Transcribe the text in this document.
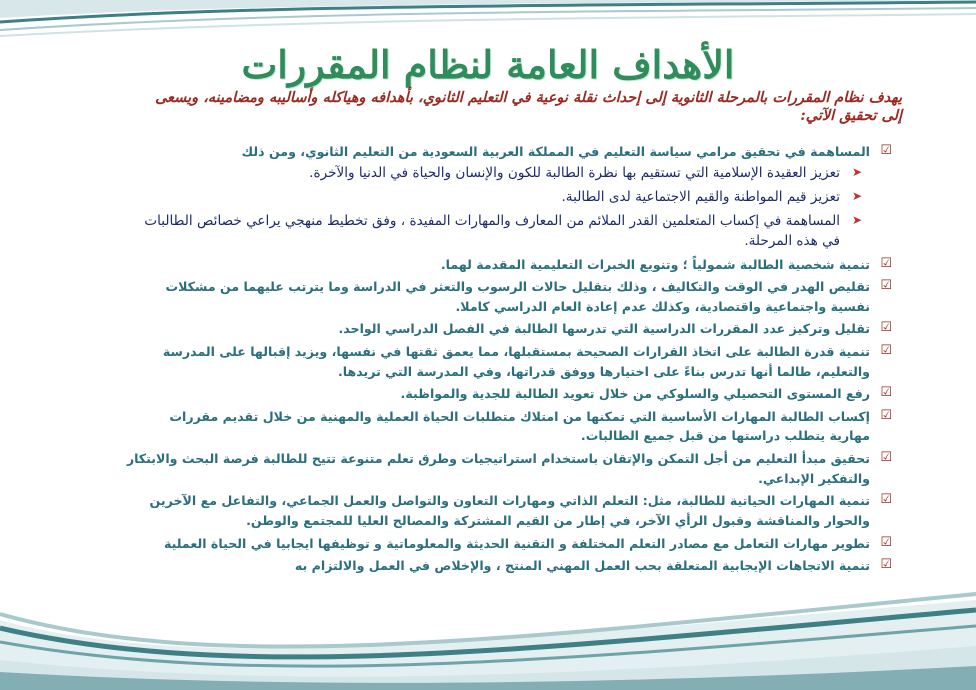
الأهداف العامة لنظام المقررات
يهدف نظام المقررات بالمرحلة الثانوية إلى إحداث نقلة نوعية في التعليم الثانوي، بأهدافه وهياكله وأساليبه ومضامينه، ويسعى إلى تحقيق الآتي:
☑
المساهمة في تحقيق مرامي سياسة التعليم في المملكة العربية السعودية من التعليم الثانوي، ومن ذلك
➤
تعزيز العقيدة الإسلامية التي تستقيم بها نظرة الطالبة للكون والإنسان والحياة في الدنيا والآخرة.
➤
تعزيز قيم المواطنة والقيم الاجتماعية لدى الطالبة.
➤
المساهمة في إكساب المتعلمين القدر الملائم من المعارف والمهارات المفيدة ، وفق تخطيط منهجي يراعي خصائص الطالبات في هذه المرحلة.
☑
تنمية شخصية الطالبة شمولياً ؛ وتنويع الخبرات التعليمية المقدمة لهما.
☑
تقليص الهدر في الوقت والتكاليف ، وذلك بتقليل حالات الرسوب والتعثر في الدراسة وما يترتب عليهما من مشكلات نفسية واجتماعية واقتصادية، وكذلك عدم إعادة العام الدراسي كاملا.
☑
تقليل وتركيز عدد المقررات الدراسية التي تدرسها الطالبة في الفصل الدراسي الواحد.
☑
تنمية قدرة الطالبة على اتخاذ القرارات الصحيحة بمستقبلها، مما يعمق ثقتها في نفسها، ويزيد إقبالها على المدرسة والتعليم، طالما أنها تدرس بناءً على اختيارها ووفق قدراتها، وفي المدرسة التي تريدها.
☑
رفع المستوى التحصيلي والسلوكي من خلال تعويد الطالبة للجدية والمواظبة.
☑
إكساب الطالبة المهارات الأساسية التي تمكنها من امتلاك متطلبات الحياة العملية والمهنية من خلال تقديم مقررات مهارية يتطلب دراستها من قبل جميع الطالبات.
☑
تحقيق مبدأ التعليم من أجل التمكن والإتقان باستخدام استراتيجيات وطرق تعلم متنوعة تتيح للطالبة فرصة البحث والابتكار والتفكير الإبداعي.
☑
تنمية المهارات الحياتية للطالبة، مثل: التعلم الذاتي ومهارات التعاون والتواصل والعمل الجماعي، والتفاعل مع الآخرين والحوار والمناقشة وقبول الرأي الآخر، في إطار من القيم المشتركة والمصالح العليا للمجتمع والوطن.
☑
تطوير مهارات التعامل مع مصادر التعلم المختلفة و التقنية الحديثة والمعلوماتية و توظيفها ايجابيا في الحياة العملية
☑
تنمية الاتجاهات الإيجابية المتعلقة بحب العمل المهني المنتج ، والإخلاص في العمل والالتزام به
